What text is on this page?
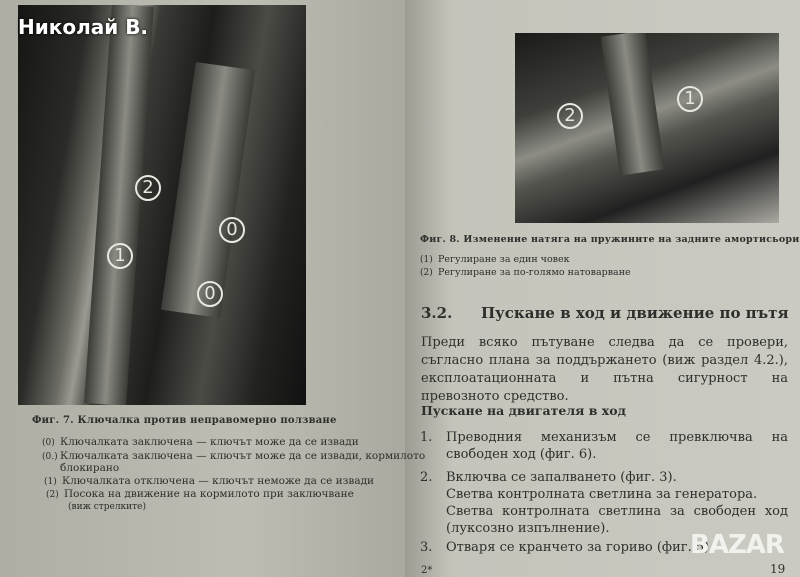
2
0
1
0
Николай В.
Фиг. 7. Ключалка против неправомерно ползване
(0) Ключалката заключена — ключът може да се извади
(0.) Ключалката заключена — ключът може да се извади, кормилото
блокирано
(1) Ключалката отключена — ключът неможе да се извади
(2) Посока на движение на кормилото при заключване
(виж стрелките)
1
2
Фиг. 8. Изменение натяга на пружините на задните амортисьори
(1) Регулиране за един човек
(2) Регулиране за по-голямо натоварване
3.2. Пускане в ход и движение по пътя
Преди всяко пътуване следва да се провери, съгласно плана за поддържането (виж раздел 4.2.), експлоатационната и пътна сигурност на превозното средство.
Пускане на двигателя в ход
1. Преводния механизъм се превключва на свободен ход (фиг. 6).
2. Включва се запалването (фиг. 3).
Светва контролната светлина за генератора.
Светва контролната светлина за свободен ход (луксозно изпълнение).
3. Отваря се кранчето за гориво (фиг. 5).
2*	19
BAZAR
